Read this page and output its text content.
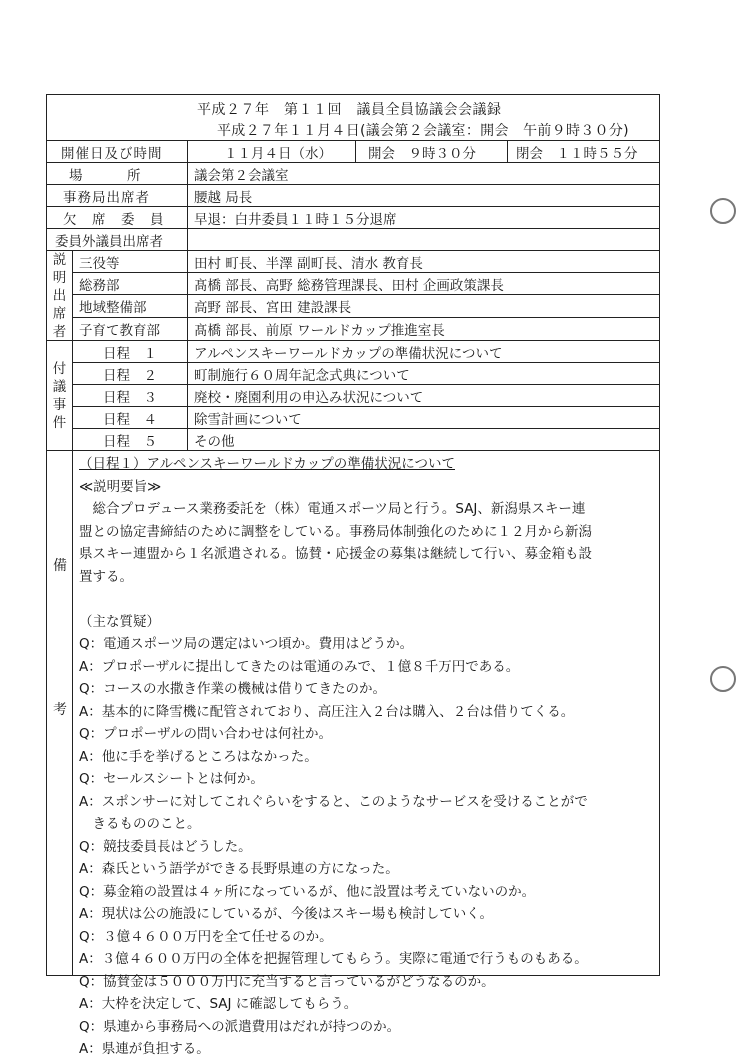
平成２７年　第１１回　議員全員協議会会議録
平成２７年１１月４日(議会第２会議室：開会　午前９時３０分)
開催日及び時間	１１月４日（水）	開会　９時３０分	閉会　１１時５５分
場　　　所	議会第２会議室
事務局出席者	腰越 局長
欠　席　委　員	早退：白井委員１１時１５分退席
委員外議員出席者
説
明
出
席
者
三役等	田村 町長、半澤 副町長、清水 教育長
総務部	髙橋 部長、高野 総務管理課長、田村 企画政策課長
地域整備部	高野 部長、宮田 建設課長
子育て教育部	髙橋 部長、前原 ワールドカップ推進室長
付
議
事
件
日程　１	アルペンスキーワールドカップの準備状況について
日程　２	町制施行６０周年記念式典について
日程　３	廃校・廃園利用の申込み状況について
日程　４	除雪計画について
日程　５	その他
備
考
（日程１）アルペンスキーワールドカップの準備状況について
≪説明要旨≫
　総合プロデュース業務委託を（株）電通スポーツ局と行う。SAJ、新潟県スキー連
盟との協定書締結のために調整をしている。事務局体制強化のために１２月から新潟
県スキー連盟から１名派遣される。協賛・応援金の募集は継続して行い、募金箱も設
置する。
（主な質疑）
Q：電通スポーツ局の選定はいつ頃か。費用はどうか。
A：プロポーザルに提出してきたのは電通のみで、１億８千万円である。
Q：コースの水撒き作業の機械は借りてきたのか。
A：基本的に降雪機に配管されており、高圧注入２台は購入、２台は借りてくる。
Q：プロポーザルの問い合わせは何社か。
A：他に手を挙げるところはなかった。
Q：セールスシートとは何か。
A：スポンサーに対してこれぐらいをすると、このようなサービスを受けることがで
　きるもののこと。
Q：競技委員長はどうした。
A：森氏という語学ができる長野県連の方になった。
Q：募金箱の設置は４ヶ所になっているが、他に設置は考えていないのか。
A：現状は公の施設にしているが、今後はスキー場も検討していく。
Q：３億４６００万円を全て任せるのか。
A：３億４６００万円の全体を把握管理してもらう。実際に電通で行うものもある。
Q：協賛金は５０００万円に充当すると言っているがどうなるのか。
A：大枠を決定して、SAJ に確認してもらう。
Q：県連から事務局への派遣費用はだれが持つのか。
A：県連が負担する。
